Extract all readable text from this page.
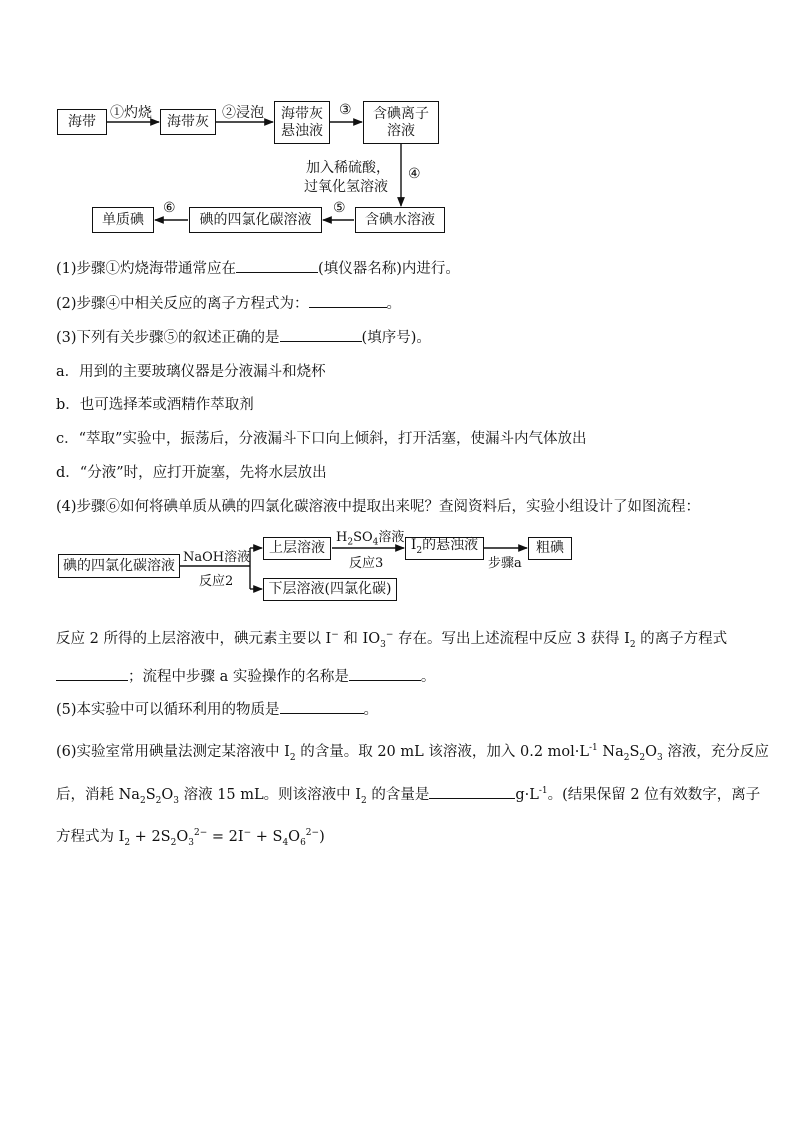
海带
①灼烧
海带灰
②浸泡 海带灰
悬浊液
③ 含碘离子
溶液
加入稀硫酸，
过氧化氢溶液
④
含碘水溶液
⑤
碘的四氯化碳溶液
⑥
单质碘
(1)步骤①灼烧海带通常应在	(填仪器名称)内进行。
(2)步骤④中相关反应的离子方程式为：	。
(3)下列有关步骤⑤的叙述正确的是	(填序号)。
a．用到的主要玻璃仪器是分液漏斗和烧杯
b．也可选择苯或酒精作萃取剂
c．“萃取”实验中，振荡后，分液漏斗下口向上倾斜，打开活塞，使漏斗内气体放出
d．“分液”时，应打开旋塞，先将水层放出
(4)步骤⑥如何将碘单质从碘的四氯化碳溶液中提取出来呢？查阅资料后，实验小组设计了如图流程：
碘的四氯化碳溶液 NaOH溶液
反应2
上层溶液
$H_2SO_4$溶液
反应3
$I_2$的悬浊液
步骤a
粗碘
下层溶液(四氯化碳)
反应 2 所得的上层溶液中，碘元素主要以 I− 和 $IO_3^-$ 存在。写出上述流程中反应 3 获得 $I_2$ 的离子方程式
；流程中步骤 a 实验操作的名称是	。
(5)本实验中可以循环利用的物质是	。
(6)实验室常用碘量法测定某溶液中 $I_2$ 的含量。取 20 mL 该溶液，加入 0.2 $mol\cdot L^{-1}$ $Na_2S_2O_3$ 溶液，充分反应
后，消耗 $Na_2S_2O_3$ 溶液 15 mL。则该溶液中 $I_2$ 的含量是	$g\cdot L^{-1}$。(结果保留 2 位有效数字，离子
方程式为 $I_2 + 2S_2O_3^{2-} = 2I^- + S_4O_6^{2-}$)
